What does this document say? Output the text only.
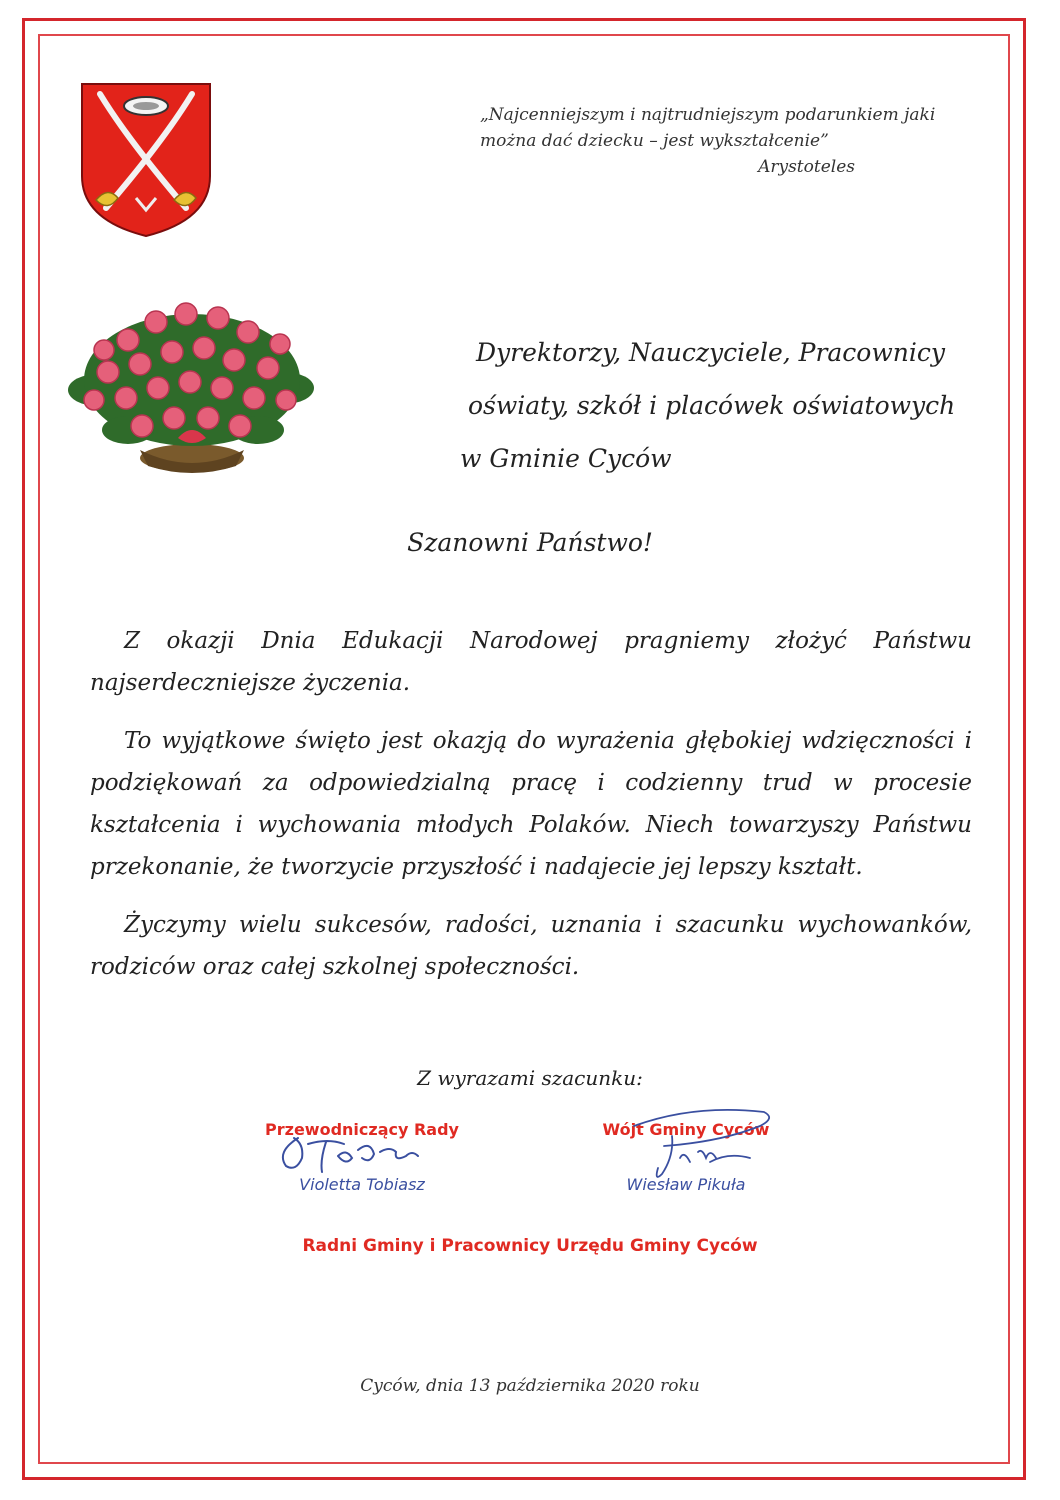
„Najcenniejszym i najtrudniejszym podarunkiem jaki
można dać dziecku – jest wykształcenie”

Arystoteles
Dyrektorzy, Nauczyciele, Pracownicy
oświaty, szkół i placówek oświatowych
w Gminie Cyców
Szanowni Państwo!

Z okazji Dnia Edukacji Narodowej pragniemy złożyć Państwu najserdeczniejsze życzenia.

To wyjątkowe święto jest okazją do wyrażenia głębokiej wdzięczności i podziękowań za odpowiedzialną pracę i codzienny trud w procesie kształcenia i wychowania młodych Polaków. Niech towarzyszy Państwu przekonanie, że tworzycie przyszłość i nadajecie jej lepszy kształt.

Życzymy wielu sukcesów, radości, uznania i szacunku wychowanków, rodziców oraz całej szkolnej społeczności.

Z wyrazami szacunku:
Przewodniczący Rady
Violetta Tobiasz
Wójt Gminy Cyców
Wiesław Pikuła
Radni Gminy i Pracownicy Urzędu Gminy Cyców
Cyców, dnia 13 października 2020 roku
